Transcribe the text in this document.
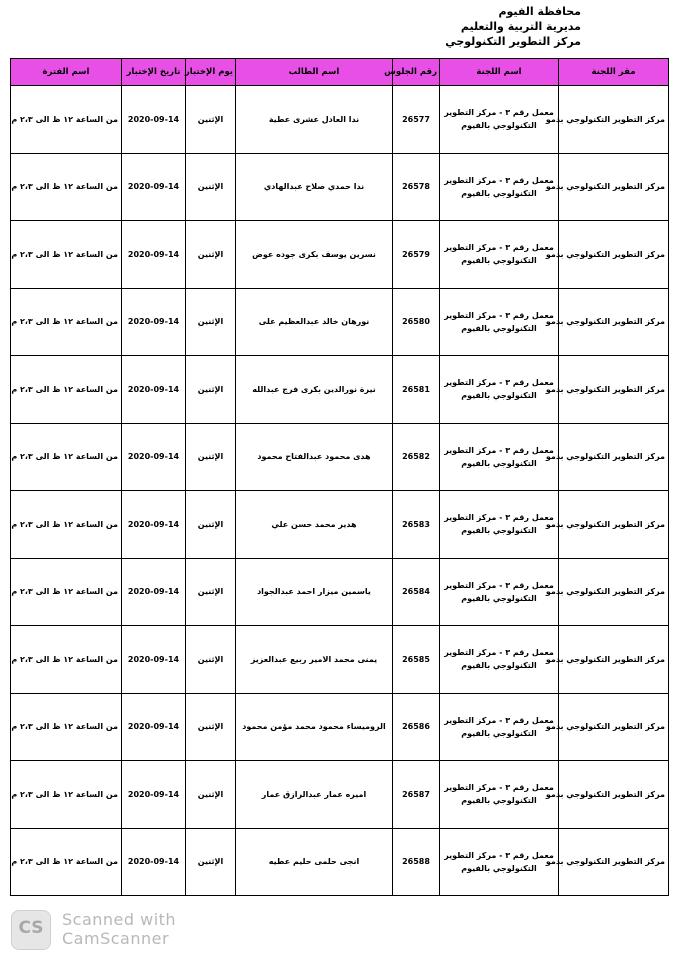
محافظة الفيوم
مديرية التربية والتعليم
مركز التطوير التكنولوجي
مقر اللجنة	اسم اللجنة	رقم الجلوس	اسم الطالب	يوم الإختبار	تاريخ الإختبار	اسم الفترة
مركز التطوير التكنولوجي بدمو	معمل رقم ٣ - مركز التطوير التكنولوجي بالفيوم	26577	ندا العادل عشرى عطية	الإثنين	2020-09-14	من الساعة ١٢ ظ الى ٢،٣ م
مركز التطوير التكنولوجي بدمو	معمل رقم ٣ - مركز التطوير التكنولوجي بالفيوم	26578	ندا حمدي صلاح عبدالهادي	الإثنين	2020-09-14	من الساعة ١٢ ظ الى ٢،٣ م
مركز التطوير التكنولوجي بدمو	معمل رقم ٣ - مركز التطوير التكنولوجي بالفيوم	26579	نسرين يوسف بكرى جوده عوض	الإثنين	2020-09-14	من الساعة ١٢ ظ الى ٢،٣ م
مركز التطوير التكنولوجي بدمو	معمل رقم ٣ - مركز التطوير التكنولوجي بالفيوم	26580	نورهان خالد عبدالعظيم على	الإثنين	2020-09-14	من الساعة ١٢ ظ الى ٢،٣ م
مركز التطوير التكنولوجي بدمو	معمل رقم ٣ - مركز التطوير التكنولوجي بالفيوم	26581	نيرة نورالدين بكرى فرج عبدالله	الإثنين	2020-09-14	من الساعة ١٢ ظ الى ٢،٣ م
مركز التطوير التكنولوجي بدمو	معمل رقم ٣ - مركز التطوير التكنولوجي بالفيوم	26582	هدى محمود عبدالفتاح محمود	الإثنين	2020-09-14	من الساعة ١٢ ظ الى ٢،٣ م
مركز التطوير التكنولوجي بدمو	معمل رقم ٣ - مركز التطوير التكنولوجي بالفيوم	26583	هدير محمد حسن علي	الإثنين	2020-09-14	من الساعة ١٢ ظ الى ٢،٣ م
مركز التطوير التكنولوجي بدمو	معمل رقم ٣ - مركز التطوير التكنولوجي بالفيوم	26584	ياسمين ميزار احمد عبدالجواد	الإثنين	2020-09-14	من الساعة ١٢ ظ الى ٢،٣ م
مركز التطوير التكنولوجي بدمو	معمل رقم ٣ - مركز التطوير التكنولوجي بالفيوم	26585	يمنى محمد الامير ربيع عبدالعزيز	الإثنين	2020-09-14	من الساعة ١٢ ظ الى ٢،٣ م
مركز التطوير التكنولوجي بدمو	معمل رقم ٣ - مركز التطوير التكنولوجي بالفيوم	26586	الروميساء محمود محمد مؤمن محمود	الإثنين	2020-09-14	من الساعة ١٢ ظ الى ٢،٣ م
مركز التطوير التكنولوجي بدمو	معمل رقم ٣ - مركز التطوير التكنولوجي بالفيوم	26587	اميره عمار عبدالرازق عمار	الإثنين	2020-09-14	من الساعة ١٢ ظ الى ٢،٣ م
مركز التطوير التكنولوجي بدمو	معمل رقم ٣ - مركز التطوير التكنولوجي بالفيوم	26588	انجى حلمى حليم عطيه	الإثنين	2020-09-14	من الساعة ١٢ ظ الى ٢،٣ م
CS	Scanned with
CamScanner
